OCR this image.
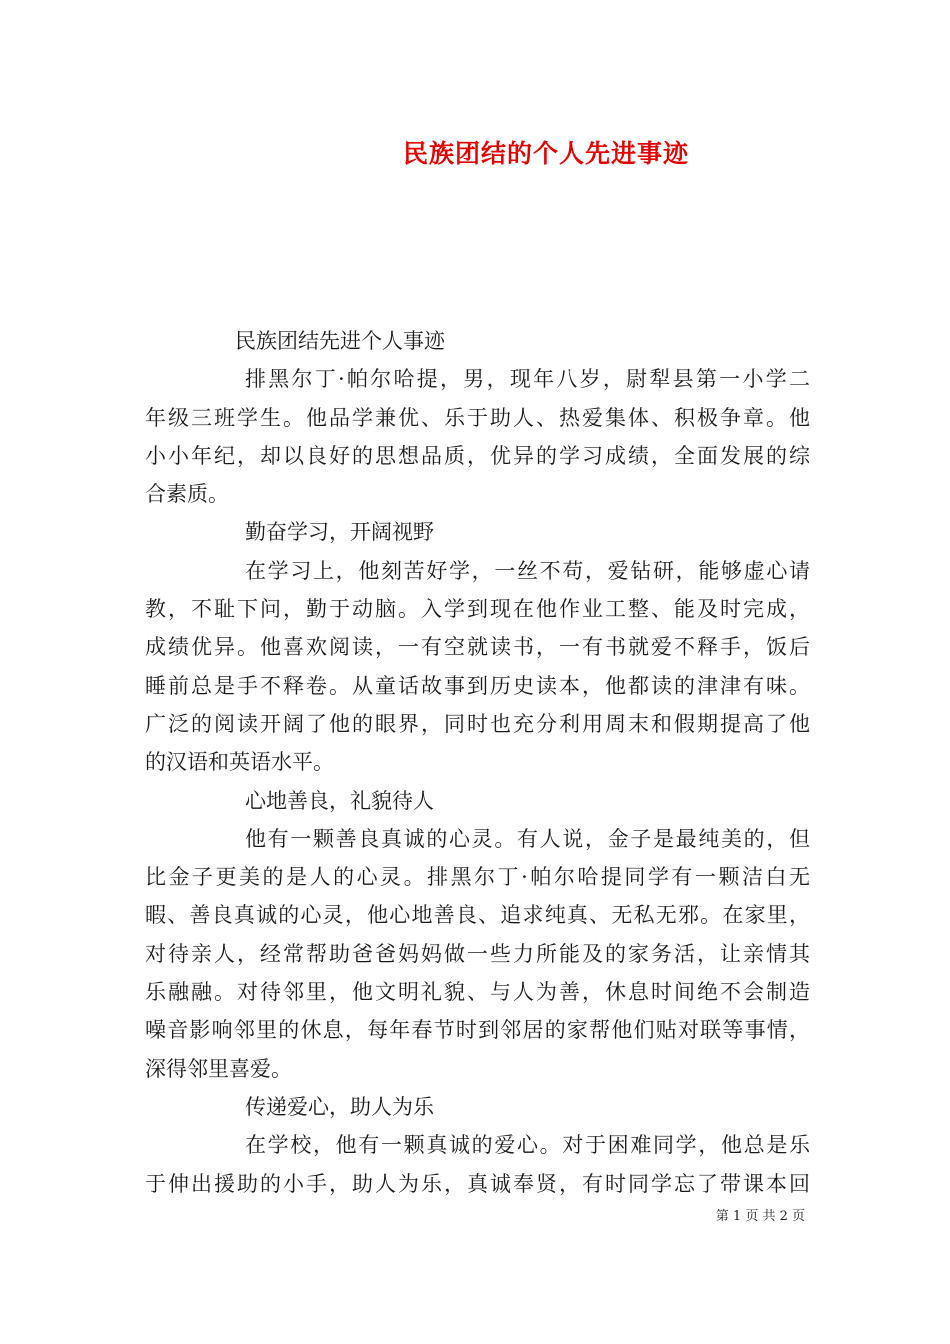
民族团结的个人先进事迹
民族团结先进个人事迹
排黑尔丁·帕尔哈提，男，现年八岁，尉犁县第一小学二
年级三班学生。他品学兼优、乐于助人、热爱集体、积极争章。他
小小年纪，却以良好的思想品质，优异的学习成绩，全面发展的综
合素质。
勤奋学习，开阔视野
在学习上，他刻苦好学，一丝不苟，爱钻研，能够虚心请
教，不耻下问，勤于动脑。入学到现在他作业工整、能及时完成，
成绩优异。他喜欢阅读，一有空就读书，一有书就爱不释手，饭后
睡前总是手不释卷。从童话故事到历史读本，他都读的津津有味。
广泛的阅读开阔了他的眼界，同时也充分利用周末和假期提高了他
的汉语和英语水平。
心地善良，礼貌待人
他有一颗善良真诚的心灵。有人说，金子是最纯美的，但
比金子更美的是人的心灵。排黑尔丁·帕尔哈提同学有一颗洁白无
暇、善良真诚的心灵，他心地善良、追求纯真、无私无邪。在家里，
对待亲人，经常帮助爸爸妈妈做一些力所能及的家务活，让亲情其
乐融融。对待邻里，他文明礼貌、与人为善，休息时间绝不会制造
噪音影响邻里的休息，每年春节时到邻居的家帮他们贴对联等事情，
深得邻里喜爱。
传递爱心，助人为乐
在学校，他有一颗真诚的爱心。对于困难同学，他总是乐
于伸出援助的小手，助人为乐，真诚奉贤，有时同学忘了带课本回
第 1 页 共 2 页
